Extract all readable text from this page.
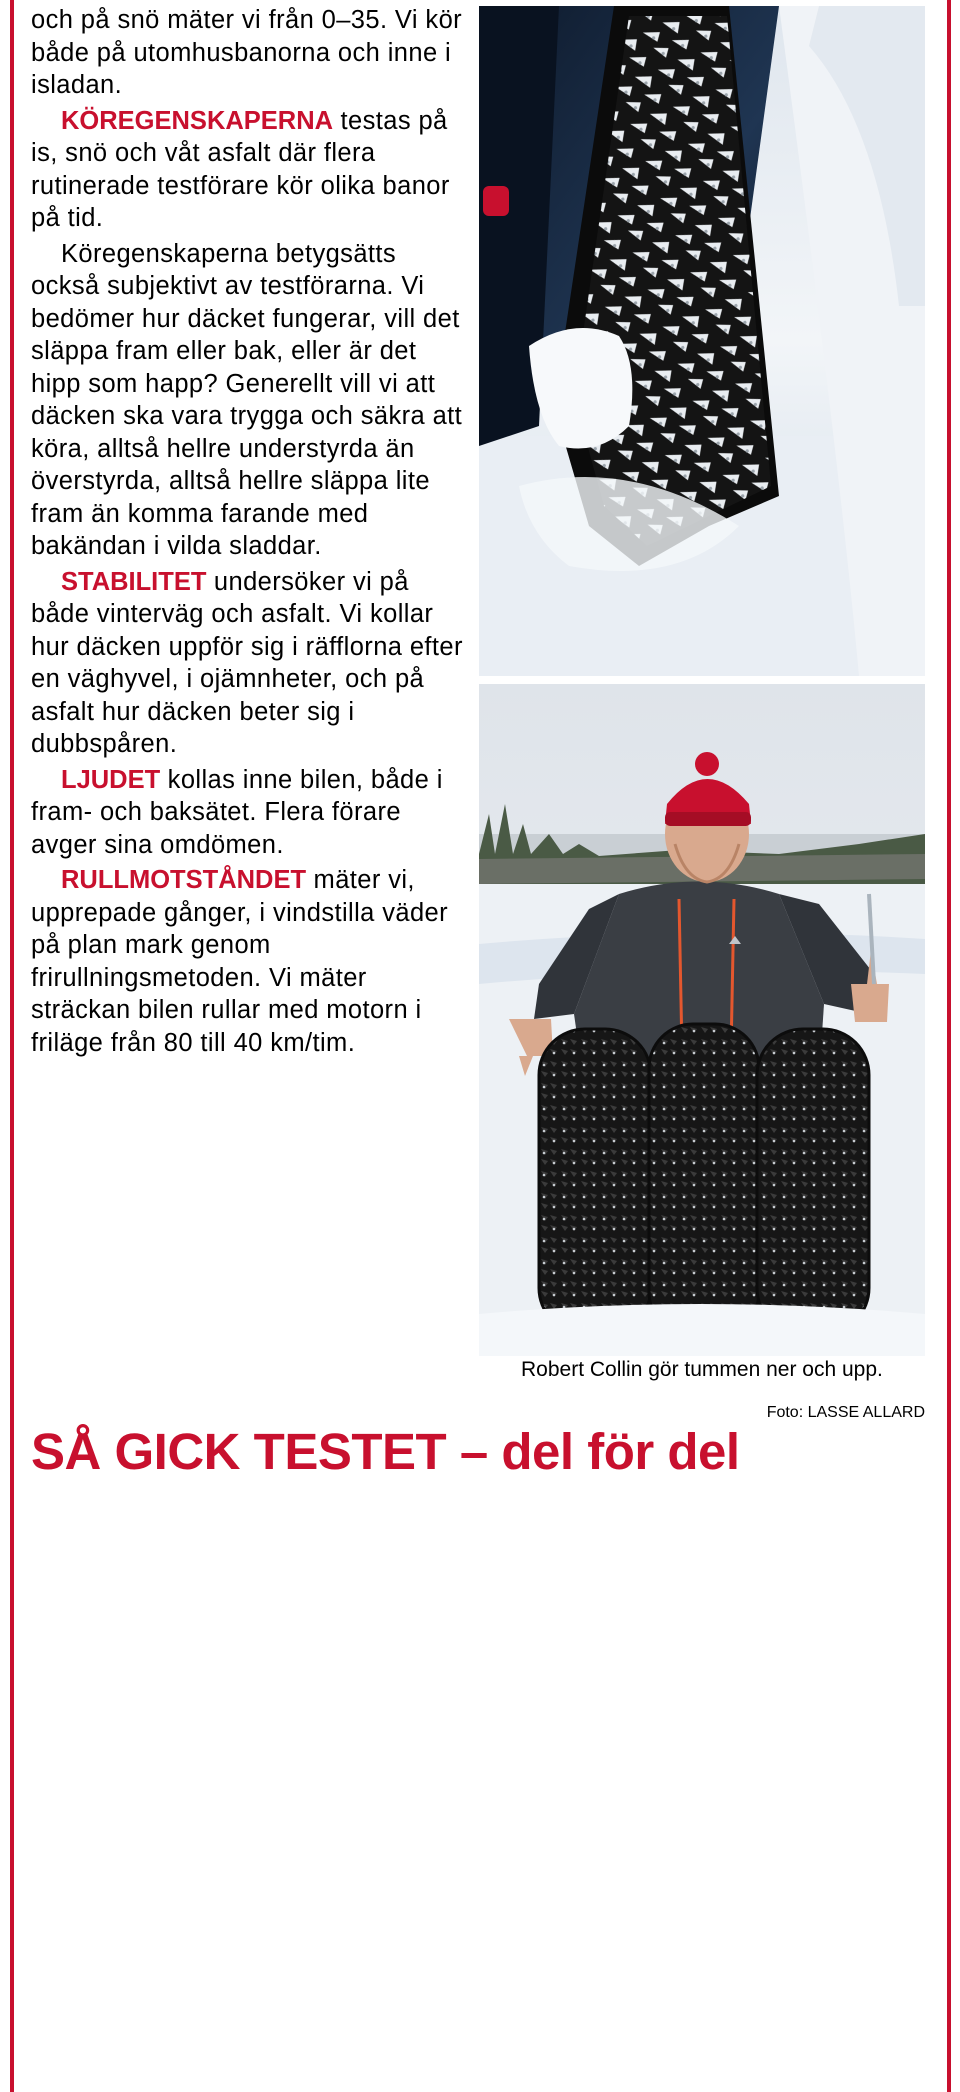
och på snö mäter vi från 0–35. Vi kör både på utomhusbanorna och inne i isladan.

KÖREGENSKAPERNA testas på is, snö och våt asfalt där flera rutinerade testförare kör olika banor på tid.

Köregenskaperna betygsätts också subjektivt av testförarna. Vi bedömer hur däcket fungerar, vill det släppa fram eller bak, eller är det hipp som happ? Generellt vill vi att däcken ska vara trygga och säkra att köra, alltså hellre understyrda än överstyrda, alltså hellre släppa lite fram än komma farande med bakändan i vilda sladdar.

STABILITET undersöker vi på både vinterväg och asfalt. Vi kollar hur däcken uppför sig i räfflorna efter en väghyvel, i ojämnheter, och på asfalt hur däcken beter sig i dubbspåren.

LJUDET kollas inne bilen, både i fram- och baksätet. Flera förare avger sina omdömen.

RULLMOTSTÅNDET mäter vi, upprepade gånger, i vindstilla väder på plan mark genom frirullningsmetoden. Vi mäter sträckan bilen rullar med motorn i friläge från 80 till 40 km/tim.

Robert Collin gör tummen ner och upp.
Foto: LASSE ALLARD
SÅ GICK TESTET – del för del
